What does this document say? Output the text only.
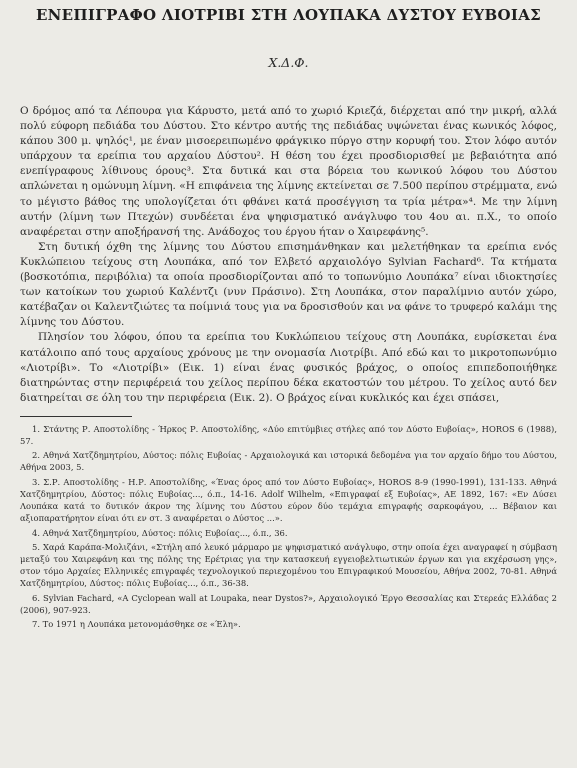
ΕΝΕΠΙΓΡΑΦΟ ΛΙΟΤΡΙΒΙ ΣΤΗ ΛΟΥΠΑΚΑ ΔΥΣΤΟΥ ΕΥΒΟΙΑΣ
Χ.Δ.Φ.

Ο δρόμος από τα Λέπουρα για Κάρυστο, μετά από το χωριό Κριεζά, διέρχεται από την μικρή, αλλά πολύ εύφορη πεδιάδα του Δύστου. Στο κέντρο αυτής της πεδιάδας υψώνεται ένας κωνικός λόφος, κάπου 300 μ. ψηλός¹, με έναν μισοερειπωμένο φράγκικο πύργο στην κορυφή του. Στον λόφο αυτόν υπάρχουν τα ερείπια του αρχαίου Δύστου². Η θέση του έχει προσδιορισθεί με βεβαιότητα από ενεπίγραφους λίθινους όρους³. Στα δυτικά και στα βόρεια του κωνικού λόφου του Δύστου απλώνεται η ομώνυμη λίμνη. «Η επιφάνεια της λίμνης εκτείνεται σε 7.500 περίπου στρέμματα, ενώ το μέγιστο βάθος της υπολογίζεται ότι φθάνει κατά προσέγγιση τα τρία μέτρα»⁴. Με την λίμνη αυτήν (λίμνη των Πτεχών) συνδέεται ένα ψηφισματικό ανάγλυφο του 4ου αι. π.Χ., το οποίο αναφέρεται στην αποξήρανσή της. Ανάδοχος του έργου ήταν ο Χαιρεφάνης⁵.

Στη δυτική όχθη της λίμνης του Δύστου επισημάνθηκαν και μελετήθηκαν τα ερείπια ενός Κυκλώπειου τείχους στη Λουπάκα, από τον Ελβετό αρχαιολόγο Sylvian Fachard⁶. Τα κτήματα (βοσκοτόπια, περιβόλια) τα οποία προσδιορίζονται από το τοπωνύμιο Λουπάκα⁷ είναι ιδιοκτησίες των κατοίκων του χωριού Καλέντζι (νυν Πράσινο). Στη Λουπάκα, στον παραλίμνιο αυτόν χώρο, κατέβαζαν οι Καλεντζιώτες τα ποίμνιά τους για να δροσισθούν και να φάνε το τρυφερό καλάμι της λίμνης του Δύστου.

Πλησίον του λόφου, όπου τα ερείπια του Κυκλώπειου τείχους στη Λουπάκα, ευρίσκεται ένα κατάλοιπο από τους αρχαίους χρόνους με την ονομασία Λιοτρίβι. Από εδώ και το μικροτοπωνύμιο «Λιοτρίβι». Το «Λιοτρίβι» (Εικ. 1) είναι ένας φυσικός βράχος, ο οποίος επιπεδοποιήθηκε διατηρώντας στην περιφέρειά του χείλος περίπου δέκα εκατοστών του μέτρου. Το χείλος αυτό δεν διατηρείται σε όλη του την περιφέρεια (Εικ. 2). Ο βράχος είναι κυκλικός και έχει σπάσει,

1. Στάντης Ρ. Αποστολίδης - Ήρκος Ρ. Αποστολίδης, «Δύο επιτύμβιες στήλες από τον Δύστο Ευβοίας», HOROS 6 (1988), 57.

2. Αθηνά Χατζδημητρίου, Δύστος: πόλις Ευβοίας - Αρχαιολογικά και ιστορικά δεδομένα για τον αρχαίο δήμο του Δύστου, Αθήνα 2003, 5.

3. Σ.Ρ. Αποστολίδης - Η.Ρ. Αποστολίδης, «Ένας όρος από τον Δύστο Ευβοίας», HOROS 8-9 (1990-1991), 131-133. Αθηνά Χατζδημητρίου, Δύστος: πόλις Ευβοίας..., ό.π., 14-16. Adolf Wilhelm, «Επιγραφαί εξ Ευβοίας», ΑΕ 1892, 167: «Εν Δύσει Λουπάκα κατά το δυτικόν άκρον της λίμνης του Δύστου εύρον δύο τεμάχια επιγραφής σαρκοφάγου, ... Βέβαιον και αξιοπαρατήρητον είναι ότι εν στ. 3 αναφέρεται ο Δύστος ...».

4. Αθηνά Χατζδημητρίου, Δύστος: πόλις Ευβοίας..., ό.π., 36.

5. Χαρά Καράπα-Μολιζάνι, «Στήλη από λευκό μάρμαρο με ψηφισματικό ανάγλυφο, στην οποία έχει αναγραφεί η σύμβαση μεταξύ του Χαιρεφάνη και της πόλης της Ερέτριας για την κατασκευή εγγειοβελτιωτικών έργων και για εκχέρσωση γης», στον τόμο Αρχαίες Ελληνικές επιγραφές τεχνολογικού περιεχομένου του Επιγραφικού Μουσείου, Αθήνα 2002, 70-81. Αθηνά Χατζδημητρίου, Δύστος: πόλις Ευβοίας..., ό.π., 36-38.

6. Sylvian Fachard, «A Cyclopean wall at Loupaka, near Dystos?», Αρχαιολογικό Έργο Θεσσαλίας και Στερεάς Ελλάδας 2 (2006), 907-923.

7. Το 1971 η Λουπάκα μετονομάσθηκε σε «Έλη».
